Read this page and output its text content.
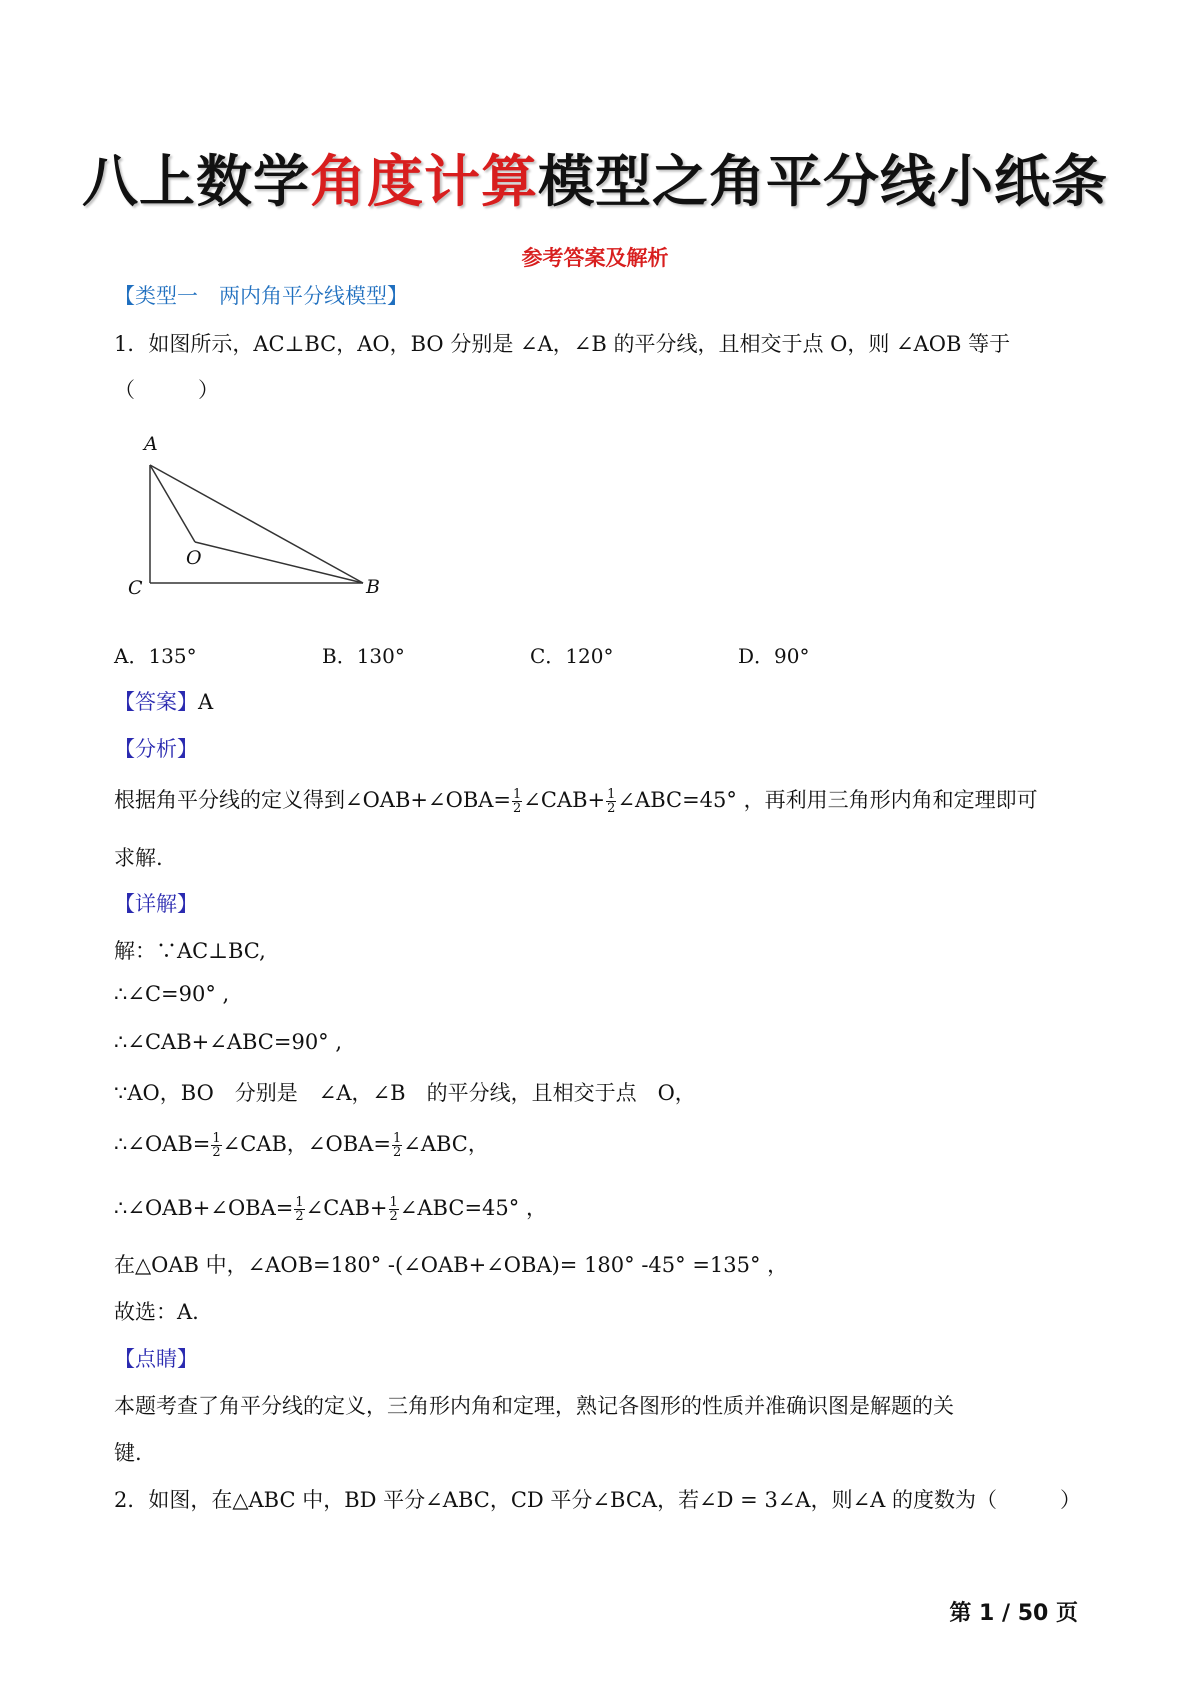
八上数学角度计算模型之角平分线小纸条
参考答案及解析
【类型一　两内角平分线模型】
1．如图所示，AC⊥BC，AO，BO 分别是 ∠A，∠B 的平分线，且相交于点 O，则 ∠AOB 等于
（　　　）
A
O
C	B
A．135°	B．130°	C．120°	D．90°
【答案】A
【分析】
根据角平分线的定义得到∠OAB+∠OBA= $\frac{1}{2}$ ∠CAB+ $\frac{1}{2}$ ∠ABC=45° ，再利用三角形内角和定理即可
求解.
【详解】
解：∵AC⊥BC,
∴∠C=90° ,
∴∠CAB+∠ABC=90° ,
∵AO，BO　分别是　∠A，∠B　的平分线，且相交于点　O，
∴∠OAB= $\frac{1}{2}$ ∠CAB，∠OBA= $\frac{1}{2}$ ∠ABC，
∴∠OAB+∠OBA= $\frac{1}{2}$ ∠CAB+ $\frac{1}{2}$ ∠ABC=45° ，
在△OAB 中，∠AOB=180° -(∠OAB+∠OBA)= 180° -45° =135° ，
故选：A.
【点睛】
本题考查了角平分线的定义，三角形内角和定理，熟记各图形的性质并准确识图是解题的关
键.
2．如图，在△ABC 中，BD 平分∠ABC，CD 平分∠BCA，若∠D = 3∠A，则∠A 的度数为（　　　）
第 1 / 50 页
